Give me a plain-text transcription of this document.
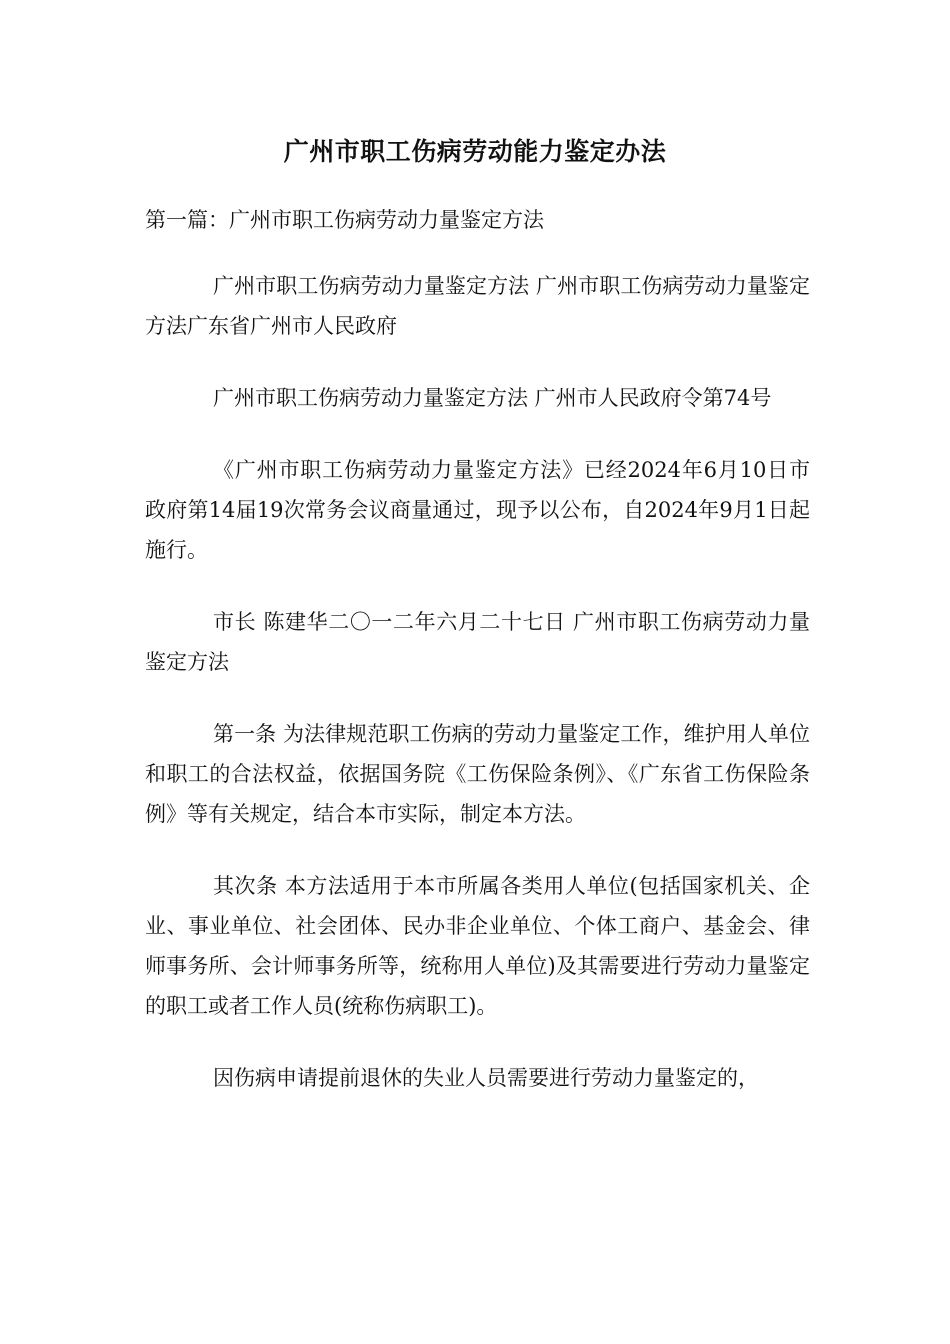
广州市职工伤病劳动能力鉴定办法

第一篇：广州市职工伤病劳动力量鉴定方法

广州市职工伤病劳动力量鉴定方法 广州市职工伤病劳动力量鉴定方法广东省广州市人民政府

广州市职工伤病劳动力量鉴定方法 广州市人民政府令第74号

《广州市职工伤病劳动力量鉴定方法》已经2024年6月10日市政府第14届19次常务会议商量通过，现予以公布，自2024年9月1日起施行。

市长 陈建华二〇一二年六月二十七日 广州市职工伤病劳动力量鉴定方法

第一条 为法律规范职工伤病的劳动力量鉴定工作，维护用人单位和职工的合法权益，依据国务院《工伤保险条例》、《广东省工伤保险条例》等有关规定，结合本市实际，制定本方法。

其次条 本方法适用于本市所属各类用人单位(包括国家机关、企业、事业单位、社会团体、民办非企业单位、个体工商户、基金会、律师事务所、会计师事务所等，统称用人单位)及其需要进行劳动力量鉴定的职工或者工作人员(统称伤病职工)。

因伤病申请提前退休的失业人员需要进行劳动力量鉴定的，
